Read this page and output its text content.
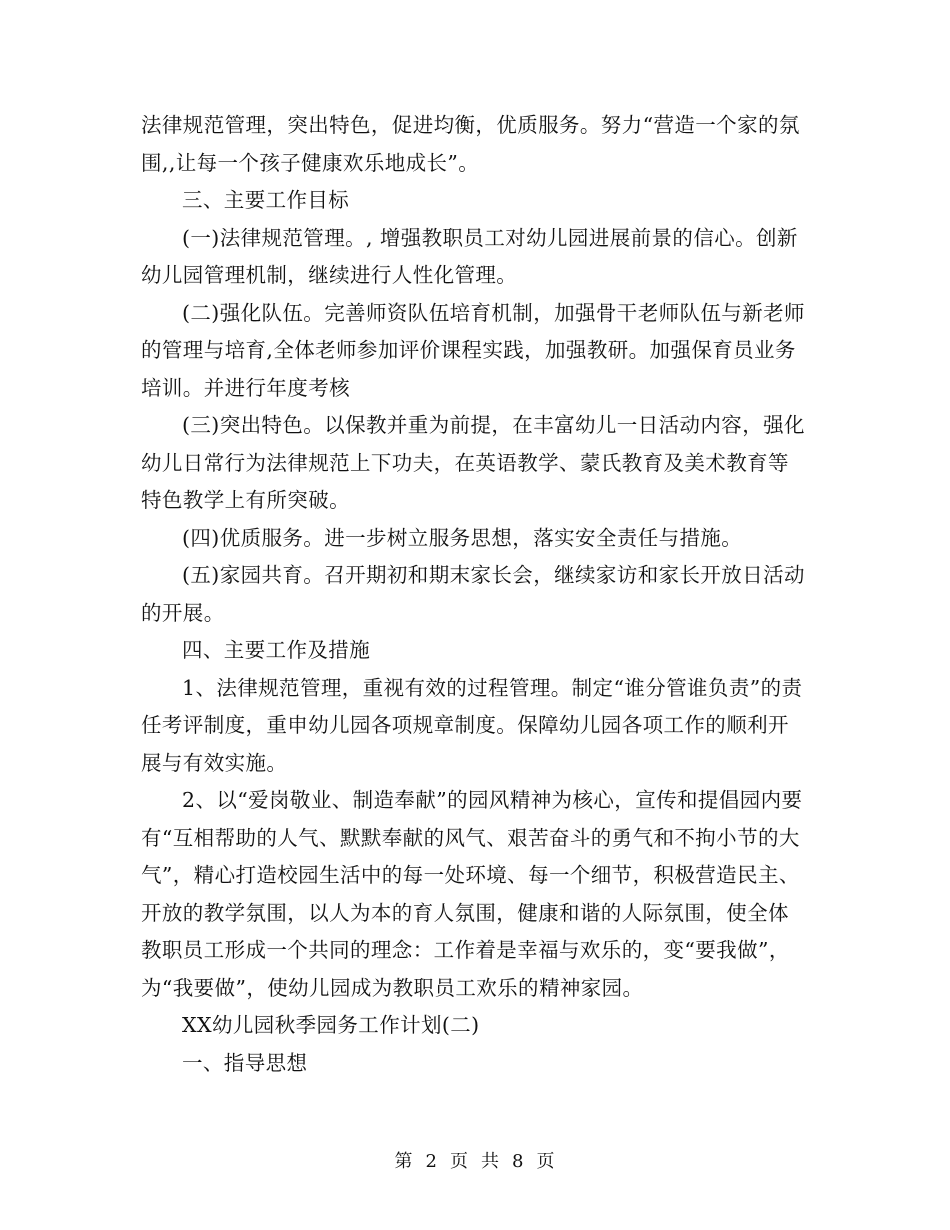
法律规范管理，突出特色，促进均衡，优质服务。努力“营造一个家的氛围,,让每一个孩子健康欢乐地成长”。

三、主要工作目标

(一)法律规范管理。, 增强教职员工对幼儿园进展前景的信心。创新幼儿园管理机制，继续进行人性化管理。

(二)强化队伍。完善师资队伍培育机制，加强骨干老师队伍与新老师的管理与培育,全体老师参加评价课程实践，加强教研。加强保育员业务培训。并进行年度考核

(三)突出特色。以保教并重为前提，在丰富幼儿一日活动内容，强化幼儿日常行为法律规范上下功夫，在英语教学、蒙氏教育及美术教育等特色教学上有所突破。

(四)优质服务。进一步树立服务思想，落实安全责任与措施。

(五)家园共育。召开期初和期末家长会，继续家访和家长开放日活动的开展。

四、主要工作及措施

1、法律规范管理，重视有效的过程管理。制定“谁分管谁负责”的责任考评制度，重申幼儿园各项规章制度。保障幼儿园各项工作的顺利开展与有效实施。

2、以“爱岗敬业、制造奉献”的园风精神为核心，宣传和提倡园内要有“互相帮助的人气、默默奉献的风气、艰苦奋斗的勇气和不拘小节的大气”，精心打造校园生活中的每一处环境、每一个细节，积极营造民主、开放的教学氛围，以人为本的育人氛围，健康和谐的人际氛围，使全体教职员工形成一个共同的理念：工作着是幸福与欢乐的，变“要我做”，为“我要做”，使幼儿园成为教职员工欢乐的精神家园。

XX幼儿园秋季园务工作计划(二)

一、指导思想

第 2 页 共 8 页
